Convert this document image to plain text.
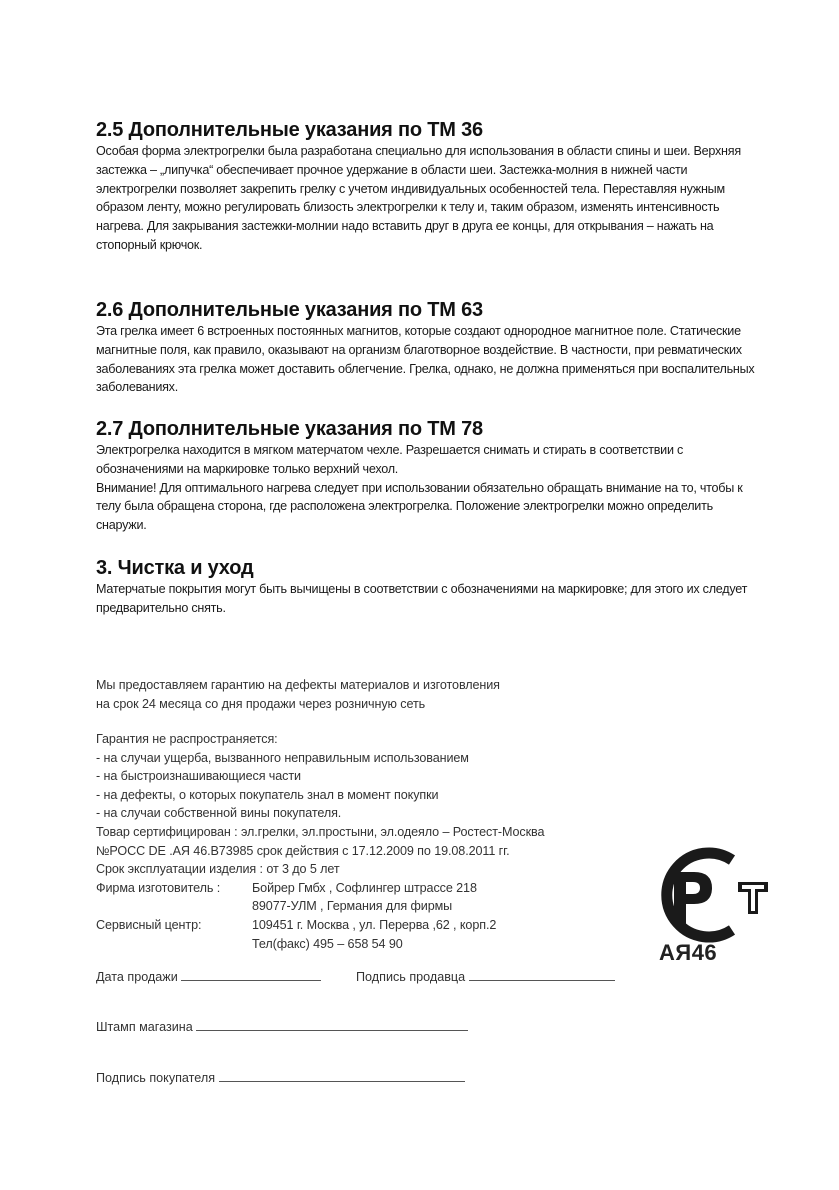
2.5 Дополнительные указания по ТМ 36

Особая форма электрогрелки была разработана специально для использования в области спины и шеи. Верхняя застежка – „липучка“ обеспечивает прочное удержание в области шеи. Застежка-молния в нижней части электрогрелки позволяет закрепить грелку с учетом индивидуальных особенностей тела. Переставляя нужным образом ленту, можно регулировать близость электрогрелки к телу и, таким образом, изменять интенсивность нагрева. Для закрывания застежки-молнии надо вставить друг в друга ее концы, для открывания – нажать на стопорный крючок.

2.6 Дополнительные указания по ТМ 63

Эта грелка имеет 6 встроенных постоянных магнитов, которые создают однородное магнитное поле. Статические магнитные поля, как правило, оказывают на организм благотворное воздействие. В частности, при ревматических заболеваниях эта грелка может доставить облегчение. Грелка, однако, не должна применяться при воспалительных заболеваниях.

2.7 Дополнительные указания по ТМ 78

Электрогрелка находится в мягком матерчатом чехле. Разрешается снимать и стирать в соответствии с обозначениями на маркировке только верхний чехол.

Внимание! Для оптимального нагрева следует при использовании обязательно обращать внимание на то, чтобы к телу была обращена сторона, где расположена электрогрелка. Положение электрогрелки можно определить снаружи.

3. Чистка и уход

Матерчатые покрытия могут быть вычищены в соответствии с обозначениями на маркировке; для этого их следует предварительно снять.

Мы предоставляем гарантию на дефекты материалов и изготовления
на срок 24 месяца со дня продажи через розничную сеть
Гарантия не распространяется:
- на случаи ущерба, вызванного неправильным использованием
- на быстроизнашивающиеся части
- на дефекты, о которых покупатель знал в момент покупки
- на случаи собственной вины покупателя.
Товар сертифицирован : эл.грелки, эл.простыни, эл.одеяло – Ростест-Москва
№РОСС DE .АЯ 46.В73985 срок действия с 17.12.2009 по 19.08.2011 гг.
Срок эксплуатации изделия : от 3 до 5 лет
Фирма изготовитель :	Бойрер Гмбх , Софлингер штрассе 218
89077-УЛМ , Германия для фирмы
Сервисный центр:	109451 г. Москва , ул. Перерва ,62 , корп.2
Тел(факс) 495 – 658 54 90
Дата продажи	Подпись продавца
Штамп магазина
Подпись покупателя
АЯ46
